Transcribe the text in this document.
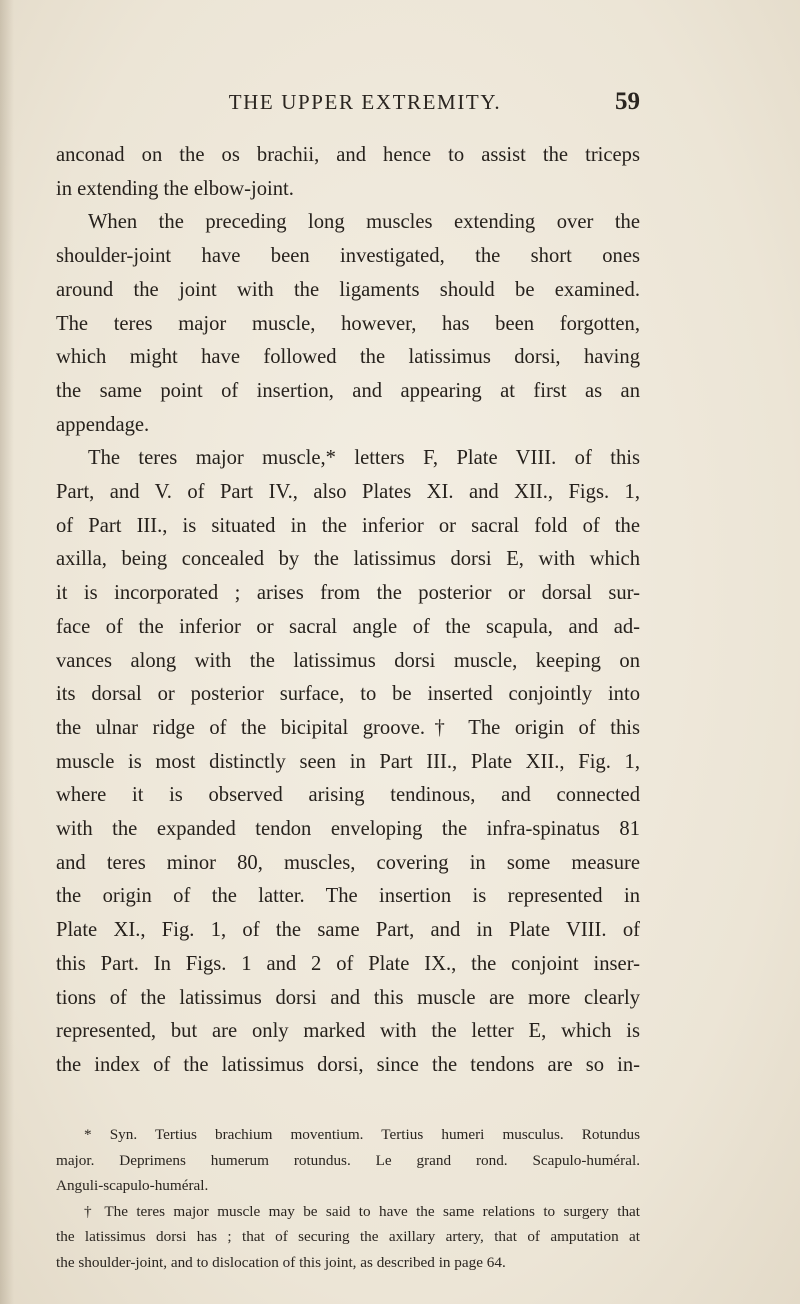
THE UPPER EXTREMITY.	59
anconad on the os brachii, and hence to assist the triceps
in extending the elbow-joint.
When the preceding long muscles extending over the
shoulder-joint have been investigated, the short ones
around the joint with the ligaments should be examined.
The teres major muscle, however, has been forgotten,
which might have followed the latissimus dorsi, having
the same point of insertion, and appearing at first as an
appendage.
The teres major muscle,* letters F, Plate VIII. of this
Part, and V. of Part IV., also Plates XI. and XII., Figs. 1,
of Part III., is situated in the inferior or sacral fold of the
axilla, being concealed by the latissimus dorsi E, with which
it is incorporated ; arises from the posterior or dorsal sur-
face of the inferior or sacral angle of the scapula, and ad-
vances along with the latissimus dorsi muscle, keeping on
its dorsal or posterior surface, to be inserted conjointly into
the ulnar ridge of the bicipital groove.† The origin of this
muscle is most distinctly seen in Part III., Plate XII., Fig. 1,
where it is observed arising tendinous, and connected
with the expanded tendon enveloping the infra-spinatus 81
and teres minor 80, muscles, covering in some measure
the origin of the latter. The insertion is represented in
Plate XI., Fig. 1, of the same Part, and in Plate VIII. of
this Part. In Figs. 1 and 2 of Plate IX., the conjoint inser-
tions of the latissimus dorsi and this muscle are more clearly
represented, but are only marked with the letter E, which is
the index of the latissimus dorsi, since the tendons are so in-
* Syn. Tertius brachium moventium. Tertius humeri musculus. Rotundus
major. Deprimens humerum rotundus. Le grand rond. Scapulo-huméral.
Anguli-scapulo-huméral.
† The teres major muscle may be said to have the same relations to surgery that
the latissimus dorsi has ; that of securing the axillary artery, that of amputation at
the shoulder-joint, and to dislocation of this joint, as described in page 64.
